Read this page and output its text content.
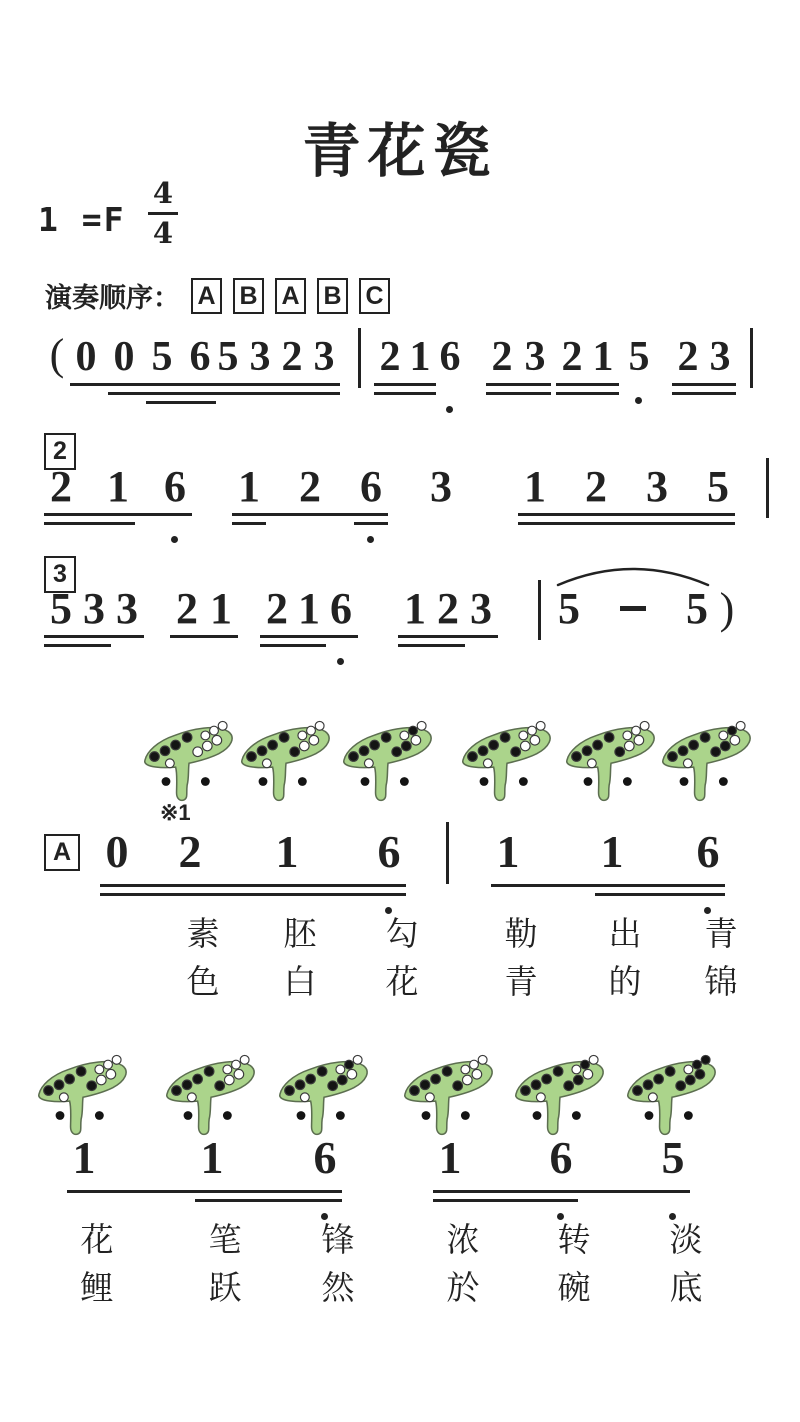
青花瓷
1 =F
4
4
演奏顺序： A B A B C
( 0 0 5 6 5 3 2 3 2 1 6 2 3 2 1 5 2 3
2
2 1 6 1 2 6 3 1 2 3 5
3
5 3 3 2 1 2 1 6 1 2 3 5 5 )
A
※1
0 2 1 6 1 1 6
素 胚 勾	勒 出 青
色 白 花	青 的 锦
1 1 6 1 6 5
花	笔 锋	浓 转 淡
鲤	跃 然	於 碗 底
